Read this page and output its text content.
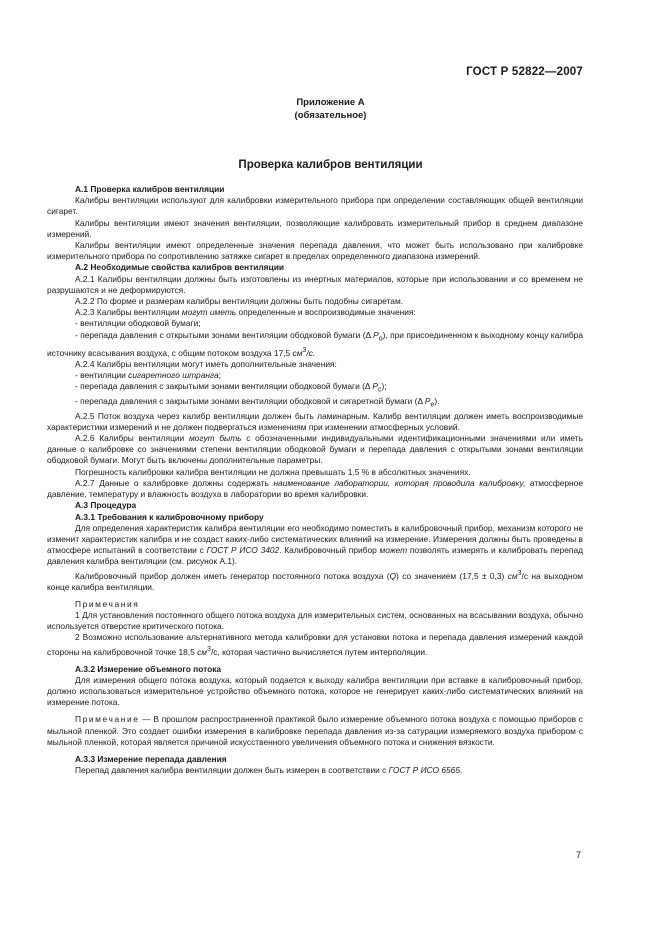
ГОСТ Р 52822—2007
Приложение А
(обязательное)
Проверка калибров вентиляции

А.1 Проверка калибров вентиляции

Калибры вентиляции используют для калибровки измерительного прибора при определении составляющих общей вентиляции сигарет.

Калибры вентиляции имеют значения вентиляции, позволяющие калибровать измерительный прибор в среднем диапазоне измерений.

Калибры вентиляции имеют определенные значения перепада давления, что может быть использовано при калибровке измерительного прибора по сопротивлению затяжке сигарет в пределах определенного диапазона измерений.

А.2 Необходимые свойства калибров вентиляции

А.2.1 Калибры вентиляции должны быть изготовлены из инертных материалов, которые при использовании и со временем не разрушаются и не деформируются.

А.2.2 По форме и размерам калибры вентиляции должны быть подобны сигаретам.

А.2.3 Калибры вентиляции могут иметь определенные и воспроизводимые значения:

- вентиляции ободковой бумаги;

- перепада давления с открытыми зонами вентиляции ободковой бумаги (Δ $P_o$), при присоединенном к выходному концу калибра источнику всасывания воздуха, с общим потоком воздуха 17,5 $см^3/с$.

А.2.4 Калибры вентиляции могут иметь дополнительные значения:

- вентиляции сигаретного штранга;

- перепада давления с закрытыми зонами вентиляции ободковой бумаги (Δ $P_c$);

- перепада давления с закрытыми зонами вентиляции ободковой и сигаретной бумаги (Δ $P_e$).

А.2.5 Поток воздуха через калибр вентиляции должен быть ламинарным. Калибр вентиляции должен иметь воспроизводимые характеристики измерений и не должен подвергаться изменениям при изменении атмосферных условий.

А.2.6 Калибры вентиляции могут быть с обозначенными индивидуальными идентификационными значениями или иметь данные о калибровке со значениями степени вентиляции ободковой бумаги и перепада давления с открытыми зонами вентиляции ободковой бумаги. Могут быть включены дополнительные параметры.

Погрешность калибровки калибра вентиляции не должна превышать 1,5 % в абсолютных значениях.

А.2.7 Данные о калибровке должны содержать наименование лаборатории, которая проводила калибровку, атмосферное давление, температуру и влажность воздуха в лаборатории во время калибровки.

А.3 Процедура

А.3.1 Требования к калибровочному прибору

Для определения характеристик калибра вентиляции его необходимо поместить в калибровочный прибор, механизм которого не изменит характеристик калибра и не создаст каких-либо систематических влияний на измерение. Измерения должны быть проведены в атмосфере испытаний в соответствии с ГОСТ Р ИСО 3402. Калибровочный прибор может позволять измерять и калибровать перепад давления калибра вентиляции (см. рисунок А.1).

Калибровочный прибор должен иметь генератор постоянного потока воздуха (Q) со значением (17,5 ± 0,3) $см^3/с$ на выходном конце калибра вентиляции.

Примечания

1 Для установления постоянного общего потока воздуха для измерительных систем, основанных на всасывании воздуха, обычно используется отверстие критического потока.

2 Возможно использование альтернативного метода калибровки для установки потока и перепада давления измерений каждой стороны на калибровочной точке 18,5 $см^3/с$, которая частично вычисляется путем интерполяции.

А.3.2 Измерение объемного потока

Для измерения общего потока воздуха, который подается к выходу калибра вентиляции при вставке в калибровочный прибор, должно использоваться измерительное устройство объемного потока, которое не генерирует каких-либо систематических влияний на измерение потока.

Примечание — В прошлом распространенной практикой было измерение объемного потока воздуха с помощью приборов с мыльной пленкой. Это создает ошибки измерения в калибровке перепада давления из-за сатурации измеряемого воздуха прибором с мыльной пленкой, которая является причиной искусственного увеличения объемного потока и снижения вязкости.

А.3.3 Измерение перепада давления

Перепад давления калибра вентиляции должен быть измерен в соответствии с ГОСТ Р ИСО 6565.

7
